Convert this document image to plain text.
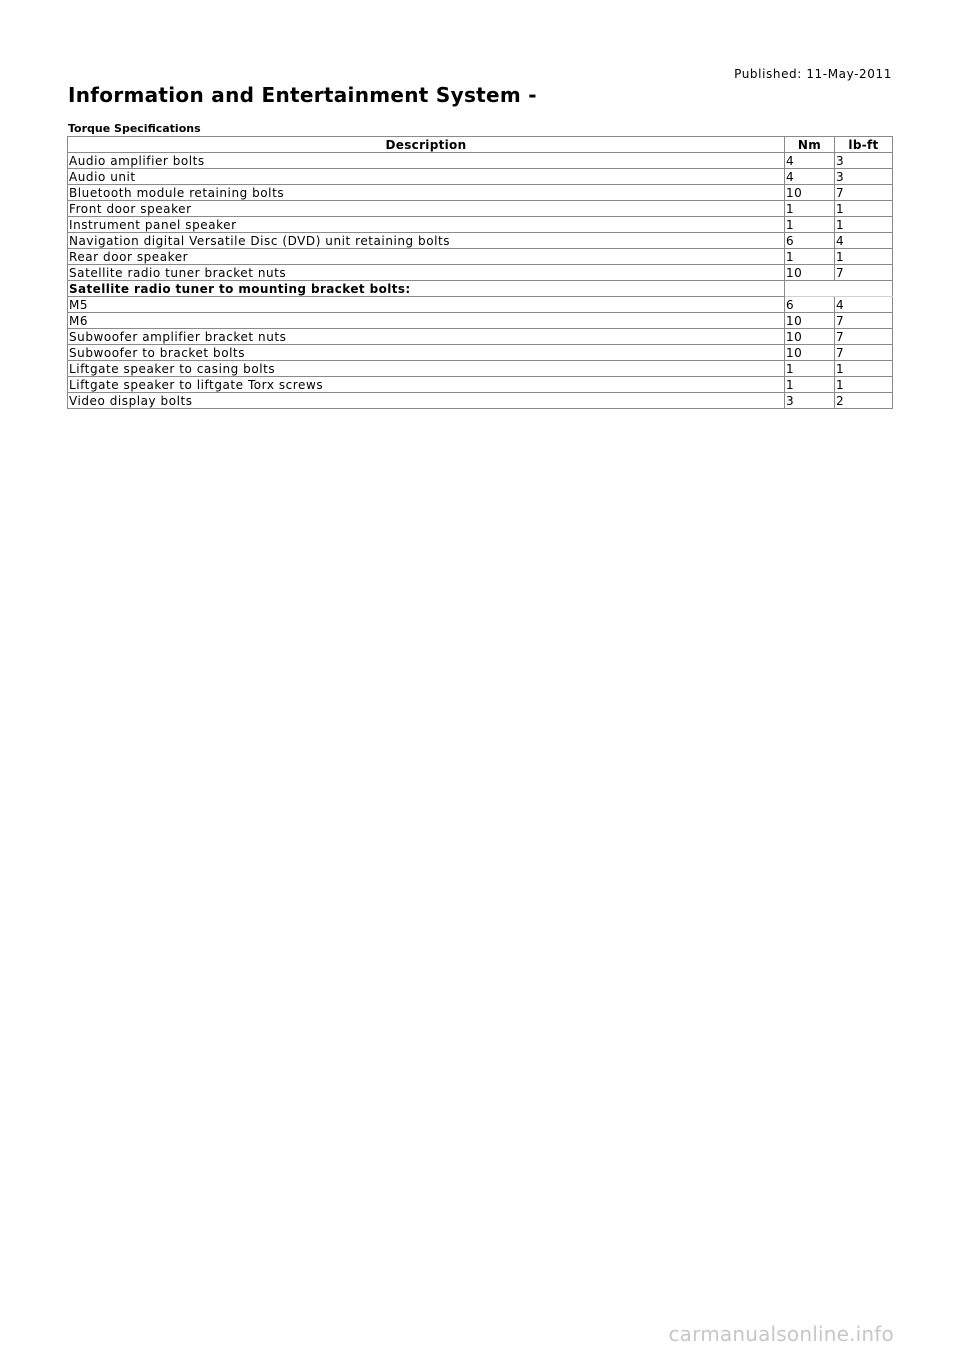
Published: 11-May-2011
Information and Entertainment System -
Torque Specifications
Description	Nm	lb-ft
Audio amplifier bolts	4	3
Audio unit	4	3
Bluetooth module retaining bolts	10	7
Front door speaker	1	1
Instrument panel speaker	1	1
Navigation digital Versatile Disc (DVD) unit retaining bolts	6	4
Rear door speaker	1	1
Satellite radio tuner bracket nuts	10	7
Satellite radio tuner to mounting bracket bolts:		
M5	6	4
M6	10	7
Subwoofer amplifier bracket nuts	10	7
Subwoofer to bracket bolts	10	7
Liftgate speaker to casing bolts	1	1
Liftgate speaker to liftgate Torx screws	1	1
Video display bolts	3	2
carmanualsonline.info
